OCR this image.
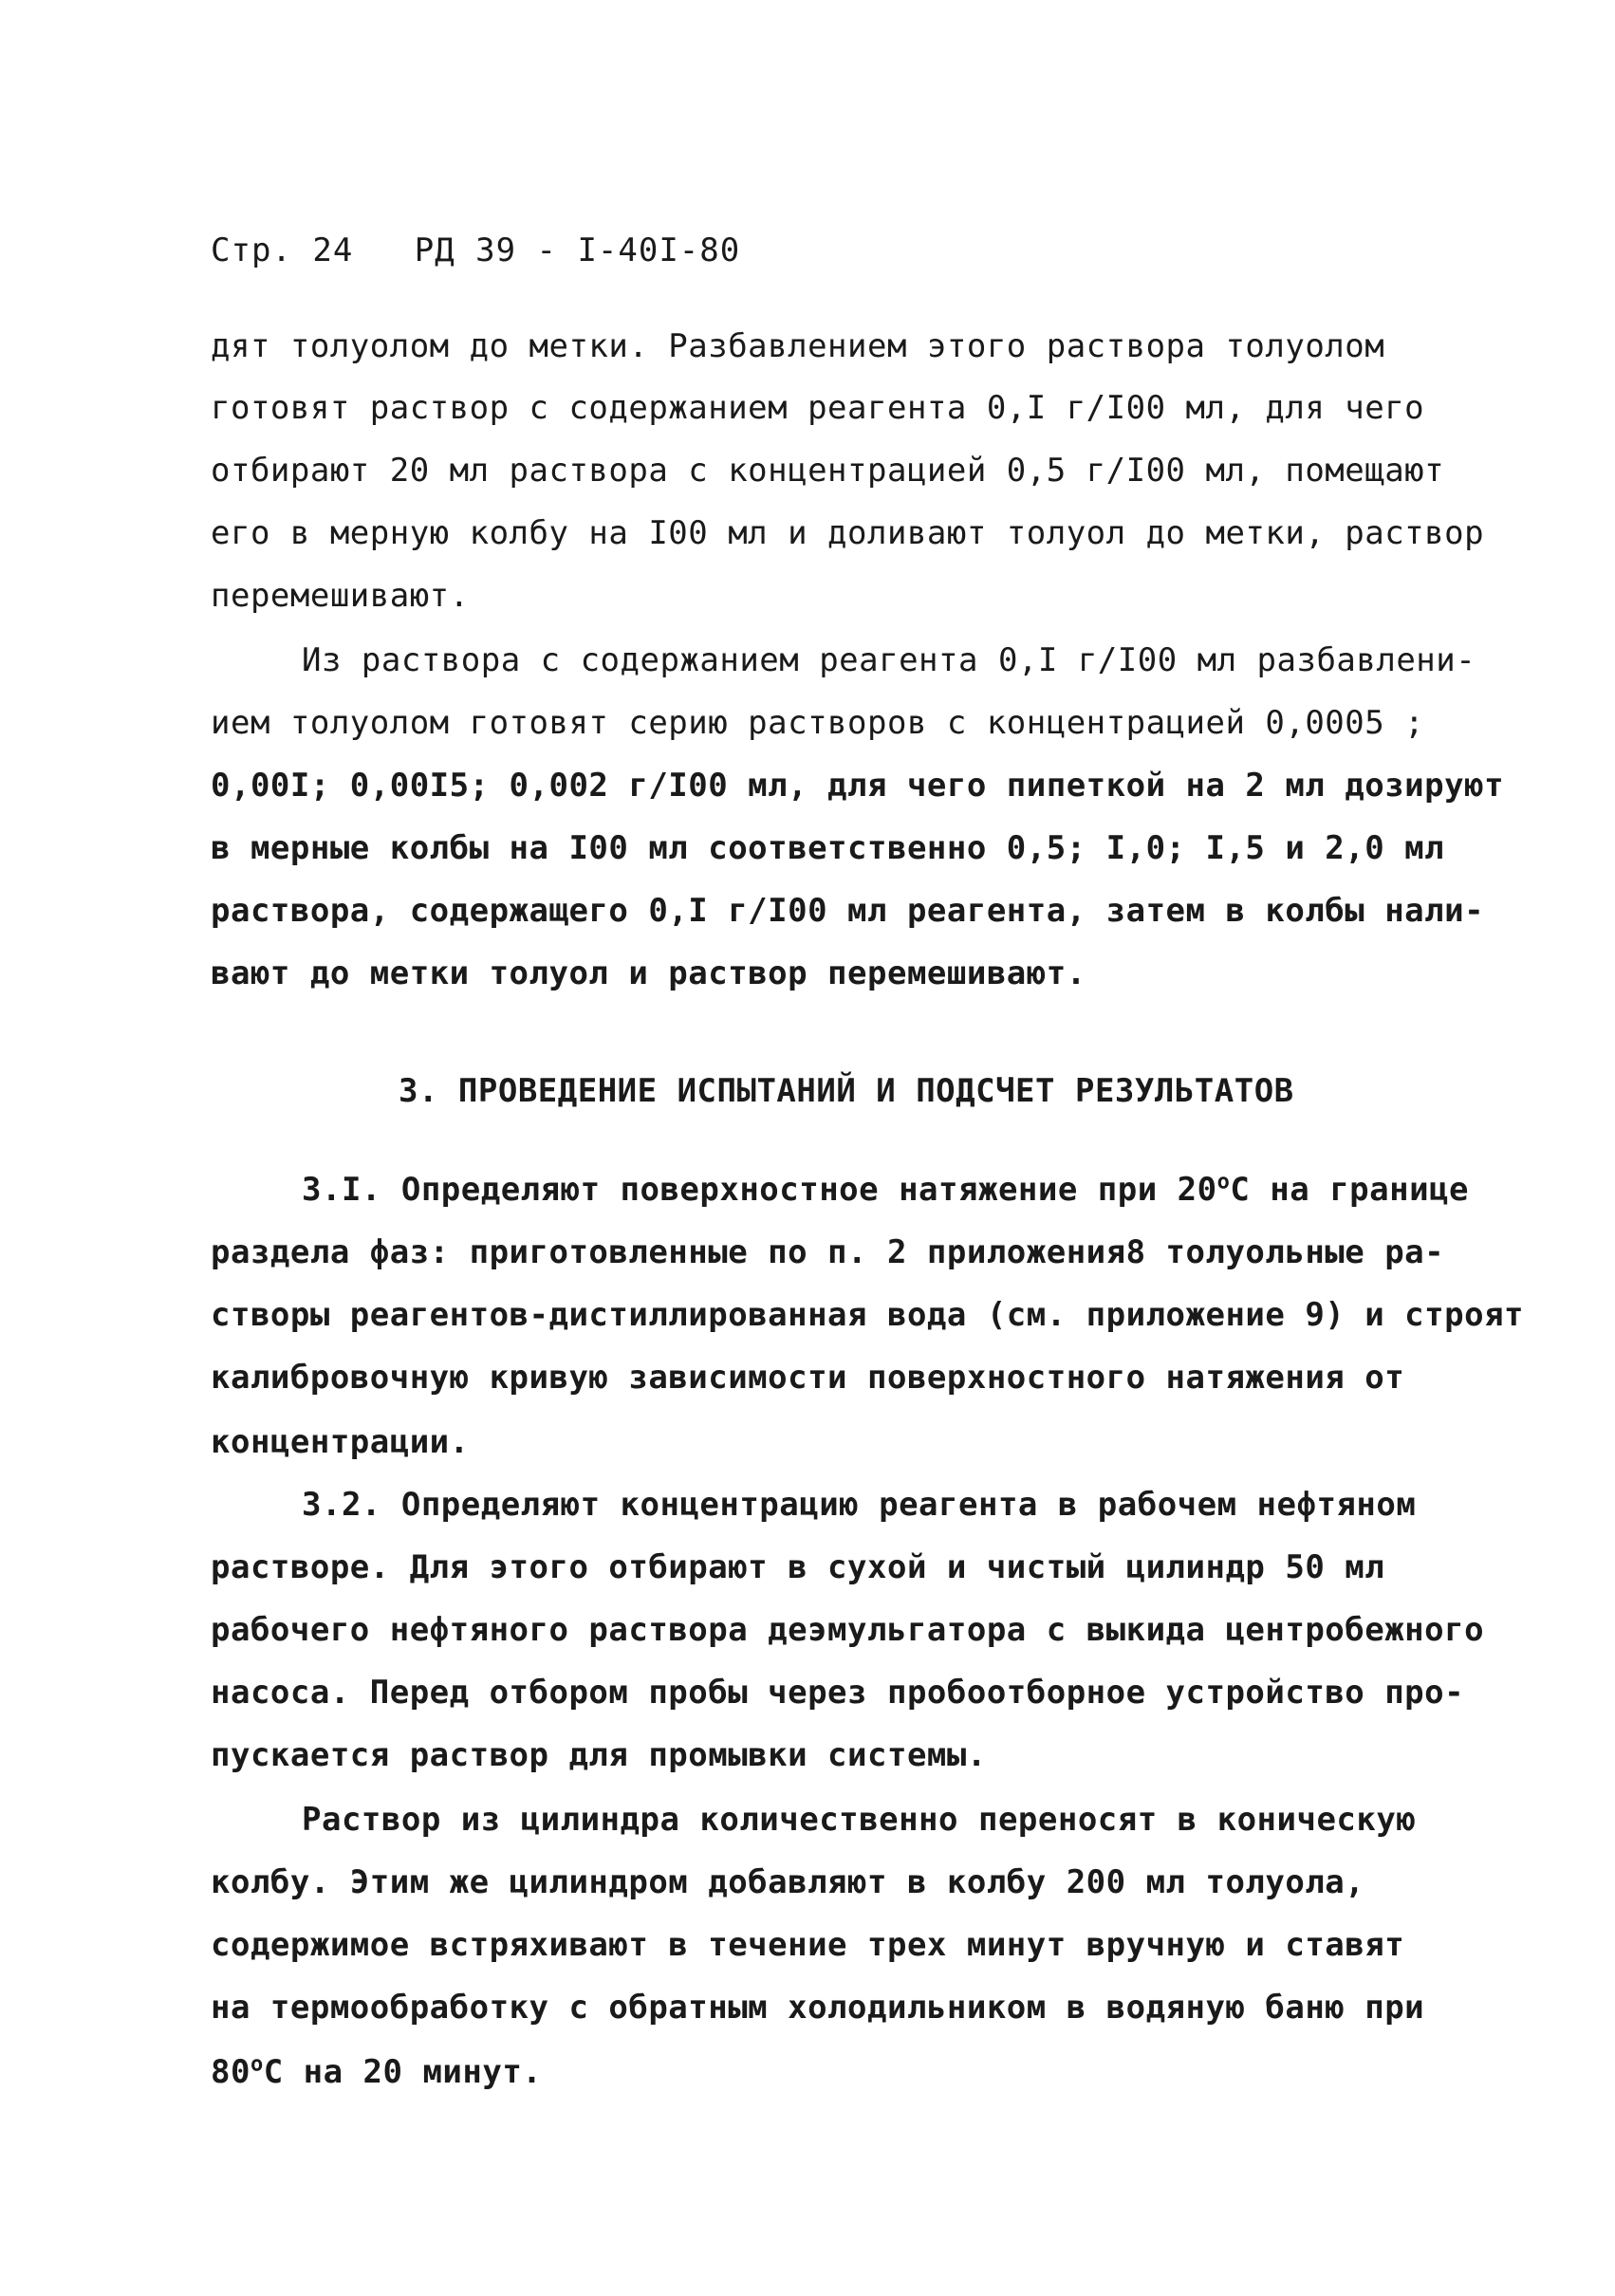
Стр. 24   РД 39 - I-40I-80
дят толуолом до метки. Разбавлением этого раствора толуолом
готовят раствор с содержанием реагента 0,I г/I00 мл, для чего
отбирают 20 мл раствора с концентрацией 0,5 г/I00 мл, помещают
его в мерную колбу на I00 мл и доливают толуол до метки, раствор
перемешивают.
Из раствора с содержанием реагента 0,I г/I00 мл разбавлени-
ием толуолом готовят серию растворов с концентрацией 0,0005 ;
0,00I; 0,00I5; 0,002 г/I00 мл, для чего пипеткой на 2 мл дозируют
в мерные колбы на I00 мл соответственно 0,5; I,0; I,5 и 2,0 мл
раствора, содержащего 0,I г/I00 мл реагента, затем в колбы нали-
вают до метки толуол и раствор перемешивают.
3. ПРОВЕДЕНИЕ ИСПЫТАНИЙ И ПОДСЧЕТ РЕЗУЛЬТАТОВ
3.I. Определяют поверхностное натяжение при $20^оС$ на границе
раздела фаз: приготовленные по п. 2 приложения8 толуольные ра-
створы реагентов-дистиллированная вода (см. приложение 9) и строят
калибровочную кривую зависимости поверхностного натяжения от
концентрации.
3.2. Определяют концентрацию реагента в рабочем нефтяном
растворе. Для этого отбирают в сухой и чистый цилиндр 50 мл
рабочего нефтяного раствора деэмульгатора с выкида центробежного
насоса. Перед отбором пробы через пробоотборное устройство про-
пускается раствор для промывки системы.
Раствор из цилиндра количественно переносят в коническую
колбу. Этим же цилиндром добавляют в колбу 200 мл толуола,
содержимое встряхивают в течение трех минут вручную и ставят
на термообработку с обратным холодильником в водяную баню при
$80^оС$ на 20 минут.
